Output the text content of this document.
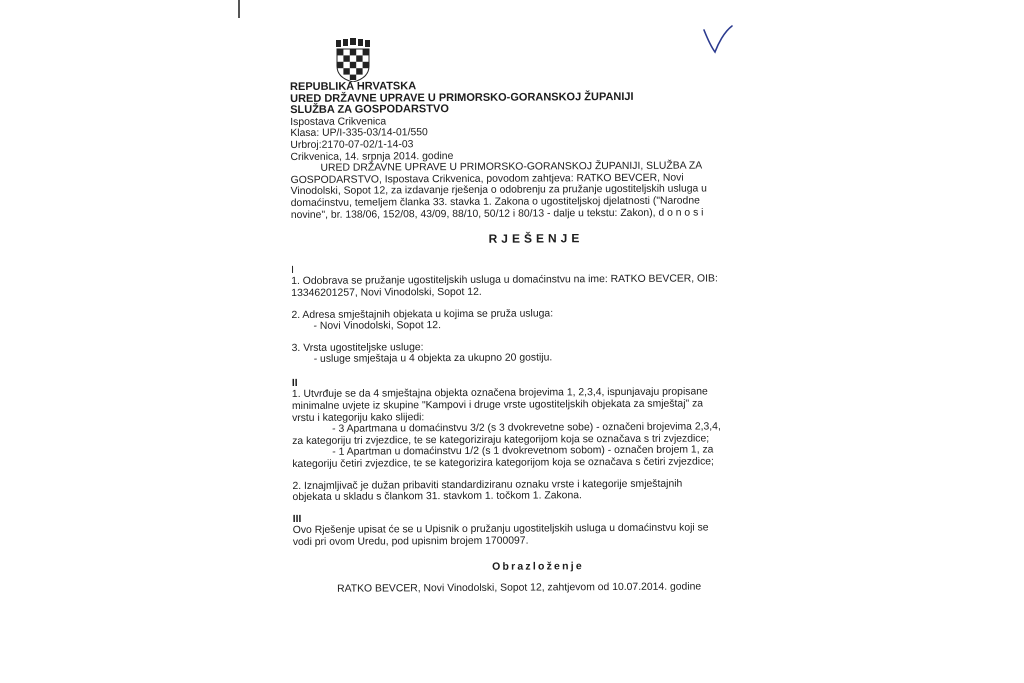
REPUBLIKA HRVATSKA
URED DRŽAVNE UPRAVE U PRIMORSKO-GORANSKOJ ŽUPANIJI
SLUŽBA ZA GOSPODARSTVO
Ispostava Crikvenica
Klasa: UP/I-335-03/14-01/550
Urbroj:2170-07-02/1-14-03
Crikvenica, 14. srpnja 2014. godine
URED DRŽAVNE UPRAVE U PRIMORSKO-GORANSKOJ ŽUPANIJI, SLUŽBA ZA
GOSPODARSTVO, Ispostava Crikvenica, povodom zahtjeva: RATKO BEVCER, Novi
Vinodolski, Sopot 12, za izdavanje rješenja o odobrenju za pružanje ugostiteljskih usluga u
domaćinstvu, temeljem članka 33. stavka 1. Zakona o ugostiteljskoj djelatnosti ("Narodne
novine", br. 138/06, 152/08, 43/09, 88/10, 50/12 i 80/13 - dalje u tekstu: Zakon), d o n o s i
RJEŠENJE
I
1. Odobrava se pružanje ugostiteljskih usluga u domaćinstvu na ime: RATKO BEVCER, OIB:
13346201257, Novi Vinodolski, Sopot 12.
2. Adresa smještajnih objekata u kojima se pruža usluga:
- Novi Vinodolski, Sopot 12.
3. Vrsta ugostiteljske usluge:
- usluge smještaja u 4 objekta za ukupno 20 gostiju.
II
1. Utvrđuje se da 4 smještajna objekta označena brojevima 1, 2,3,4, ispunjavaju propisane
minimalne uvjete iz skupine "Kampovi i druge vrste ugostiteljskih objekata za smještaj" za
vrstu i kategoriju kako slijedi:
- 3 Apartmana u domaćinstvu 3/2 (s 3 dvokrevetne sobe) - označeni brojevima 2,3,4,
za kategoriju tri zvjezdice, te se kategoriziraju kategorijom koja se označava s tri zvjezdice;
- 1 Apartman u domaćinstvu 1/2 (s 1 dvokrevetnom sobom) - označen brojem 1, za
kategoriju četiri zvjezdice, te se kategorizira kategorijom koja se označava s četiri zvjezdice;
2. Iznajmljivač je dužan pribaviti standardiziranu oznaku vrste i kategorije smještajnih
objekata u skladu s člankom 31. stavkom 1. točkom 1. Zakona.
III
Ovo Rješenje upisat će se u Upisnik o pružanju ugostiteljskih usluga u domaćinstvu koji se
vodi pri ovom Uredu, pod upisnim brojem 1700097.
Obrazloženje
RATKO BEVCER, Novi Vinodolski, Sopot 12, zahtjevom od 10.07.2014. godine
